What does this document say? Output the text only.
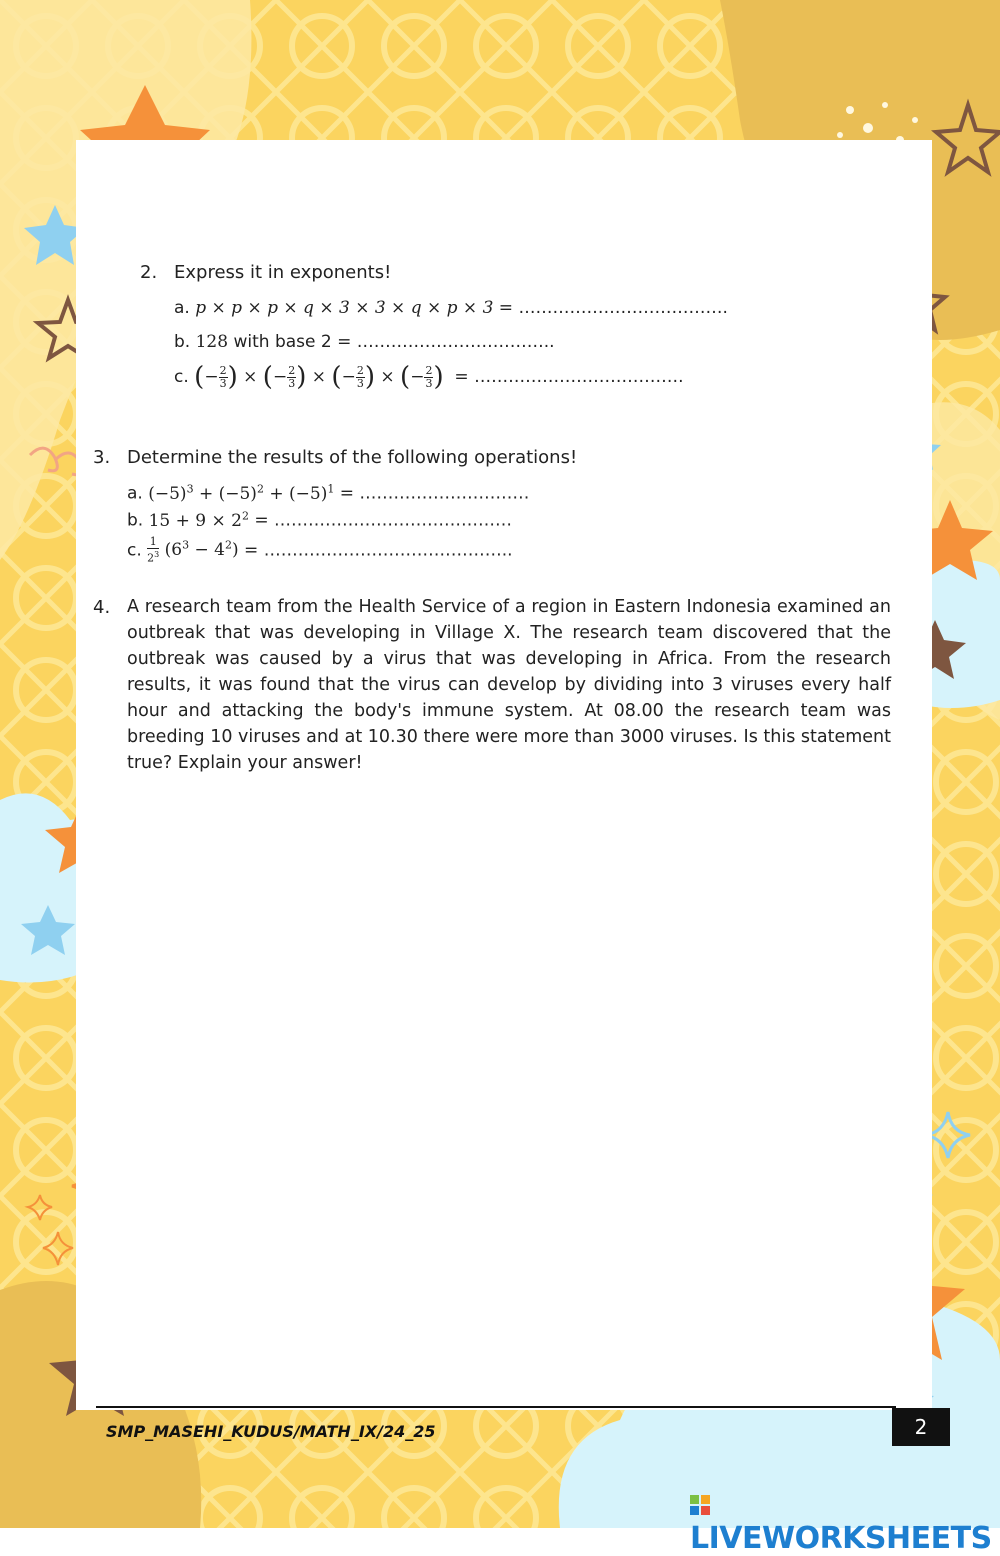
2. Express it in exponents!
a. p × p × p × q × 3 × 3 × q × p × 3 = ……………………………….
b. 128 with base 2 = ……………………………..
c. (− $\frac{2}{3}$ ) × (− $\frac{2}{3}$ ) × (− $\frac{2}{3}$ ) × (− $\frac{2}{3}$ ) = ……………………………….
3. Determine the results of the following operations!
a. $(-5)^3 + (-5)^2 + (-5)^1$ = …………………………
b. $15 + 9 \times 2^2$ = ……………………………………
c. $\frac{1}{2^3} (6^3 - 4^2)$ = ……………………………………..
4. A research team from the Health Service of a region in Eastern Indonesia examined an outbreak that was developing in Village X. The research team discovered that the outbreak was caused by a virus that was developing in Africa. From the research results, it was found that the virus can develop by dividing into 3 viruses every half hour and attacking the body's immune system. At 08.00 the research team was breeding 10 viruses and at 10.30 there were more than 3000 viruses. Is this statement true? Explain your answer!

SMP_MASEHI_KUDUS/MATH_IX/24_25	2
LIVEWORKSHEETS
